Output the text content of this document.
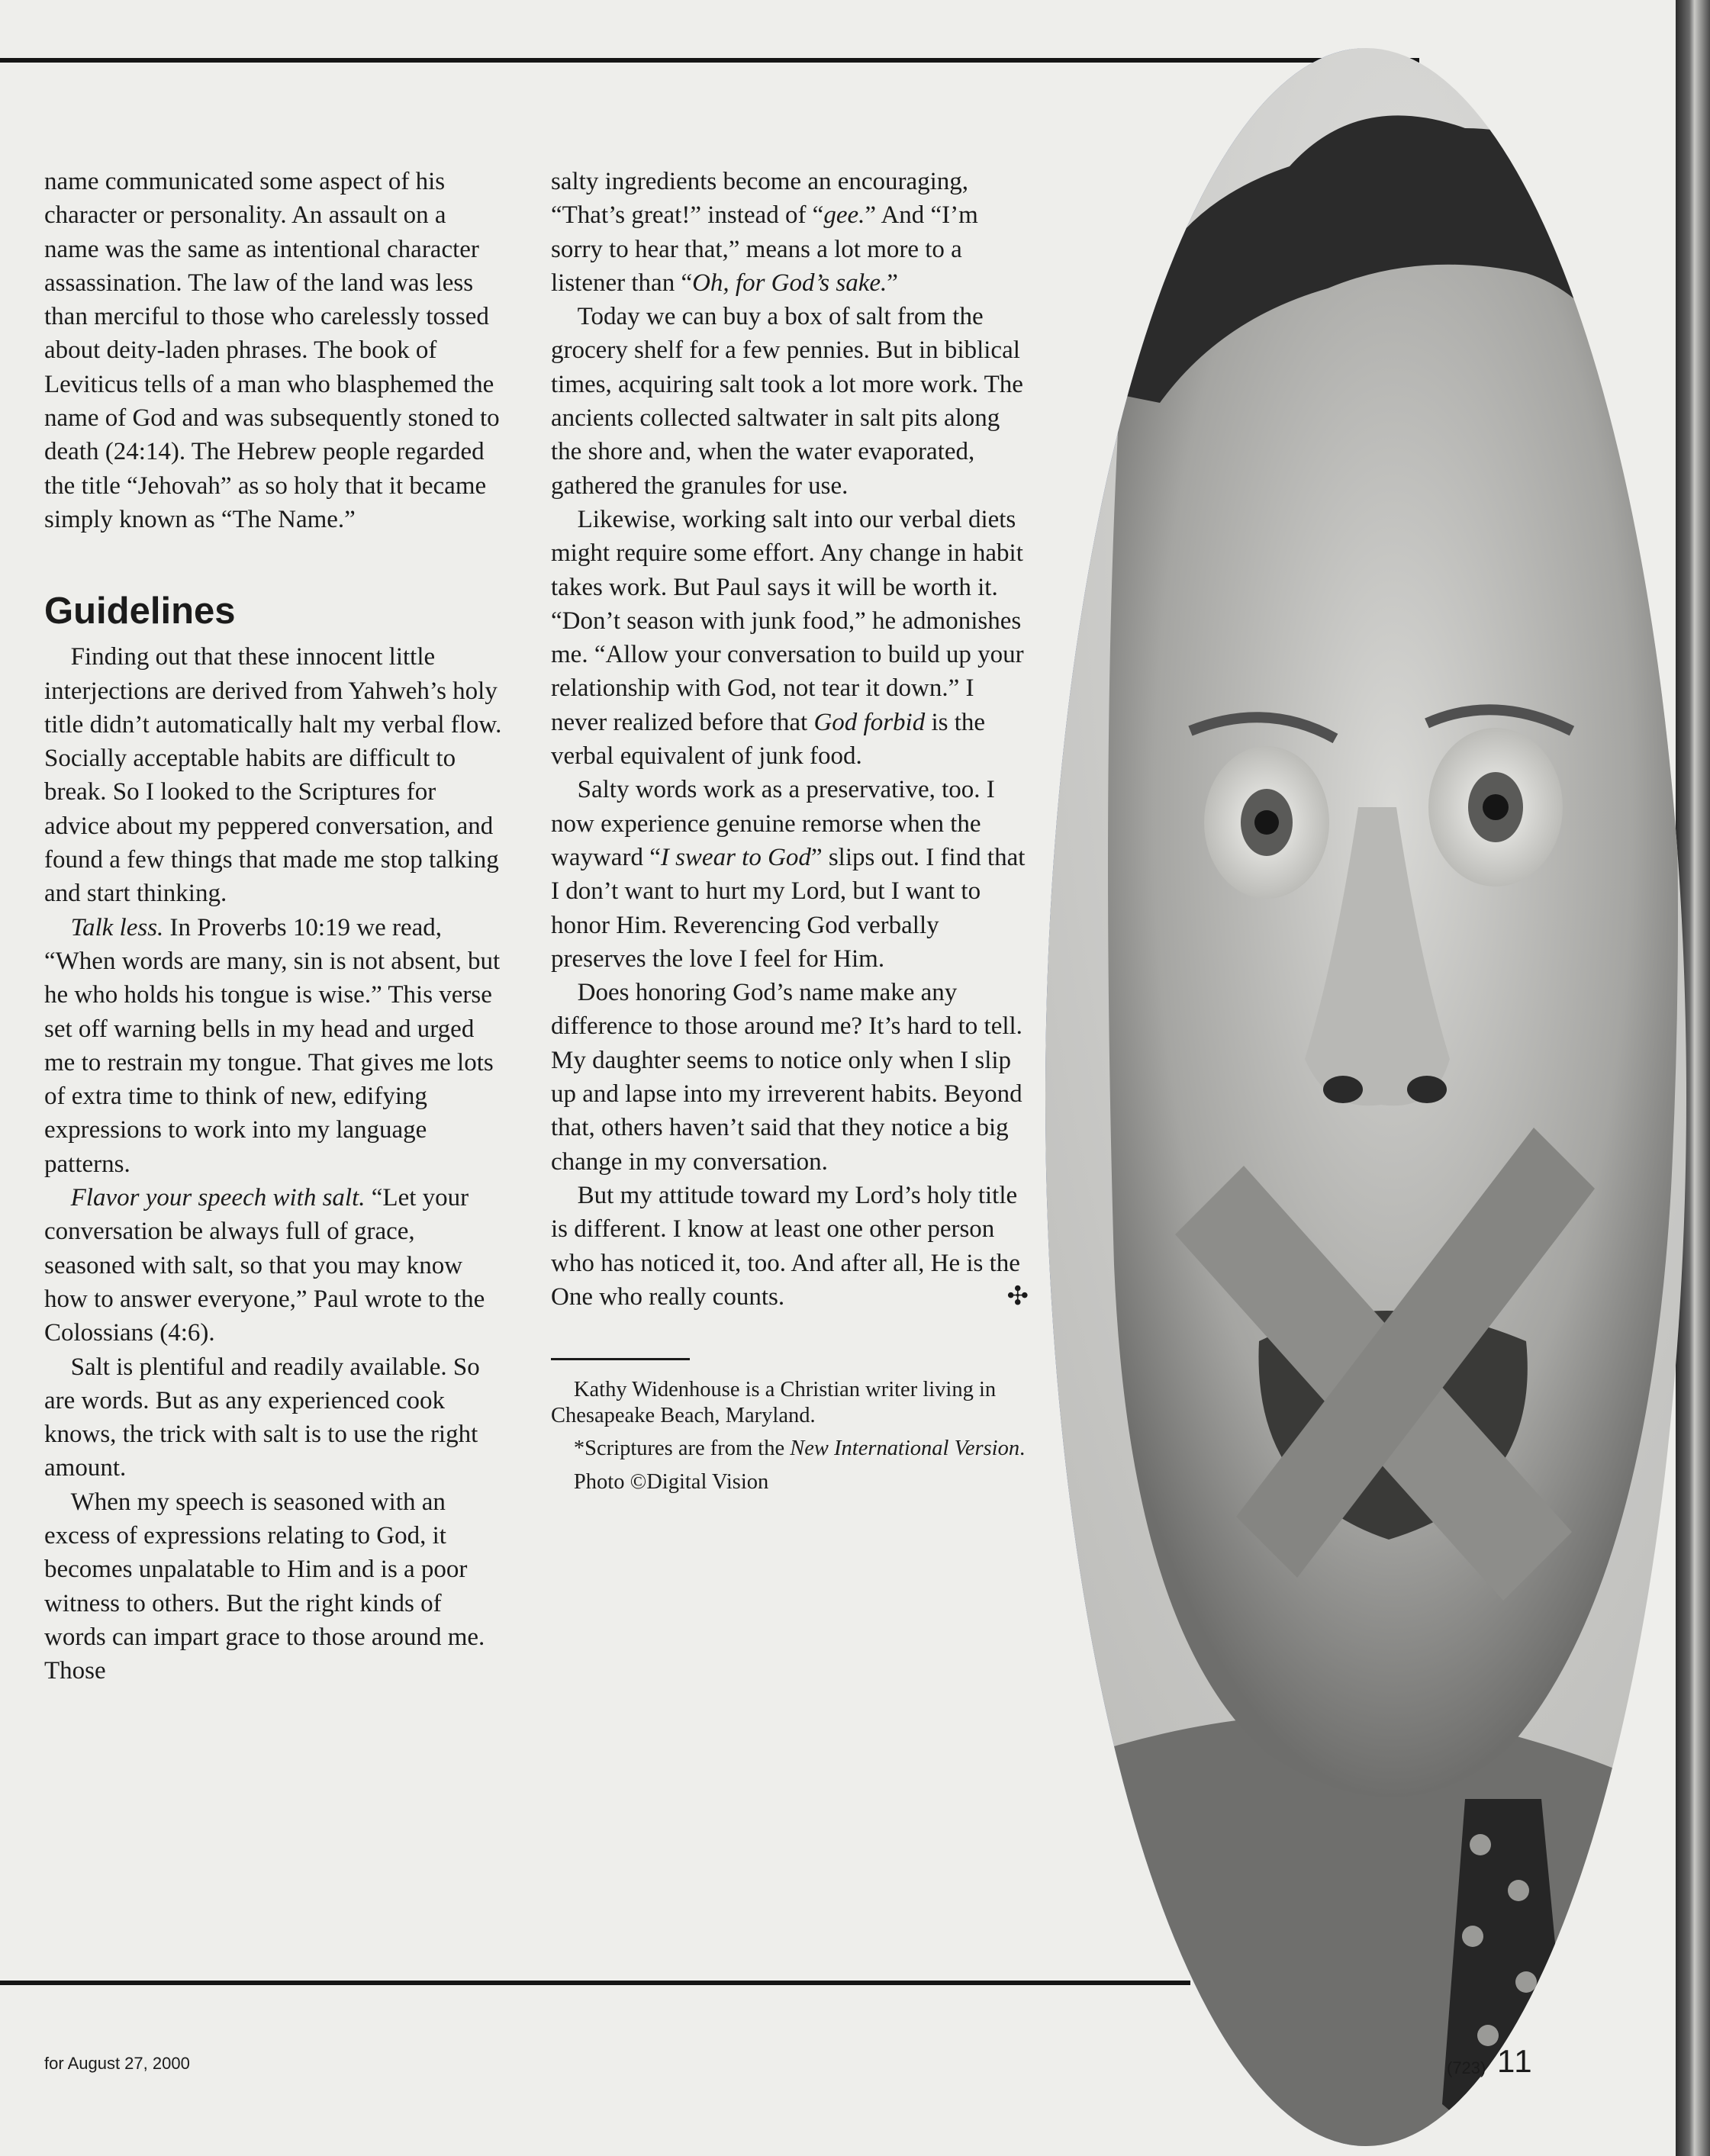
name communicated some aspect of his character or personality. An assault on a name was the same as intentional character assassination. The law of the land was less than merciful to those who carelessly tossed about deity-laden phrases. The book of Leviticus tells of a man who blasphemed the name of God and was subsequently stoned to death (24:14). The Hebrew people regarded the title “Jehovah” as so holy that it became simply known as “The Name.”

Guidelines

Finding out that these innocent little interjections are derived from Yahweh’s holy title didn’t automatically halt my verbal flow. Socially acceptable habits are difficult to break. So I looked to the Scriptures for advice about my peppered conversation, and found a few things that made me stop talking and start thinking.

Talk less. In Proverbs 10:19 we read, “When words are many, sin is not absent, but he who holds his tongue is wise.” This verse set off warning bells in my head and urged me to restrain my tongue. That gives me lots of extra time to think of new, edifying expressions to work into my language patterns.

Flavor your speech with salt. “Let your conversation be always full of grace, seasoned with salt, so that you may know how to answer everyone,” Paul wrote to the Colossians (4:6).

Salt is plentiful and readily available. So are words. But as any experienced cook knows, the trick with salt is to use the right amount.

When my speech is seasoned with an excess of expressions relating to God, it becomes unpalatable to Him and is a poor witness to others. But the right kinds of words can impart grace to those around me. Those

salty ingredients become an encouraging, “That’s great!” instead of “gee.” And “I’m sorry to hear that,” means a lot more to a listener than “Oh, for God’s sake.”

Today we can buy a box of salt from the grocery shelf for a few pennies. But in biblical times, acquiring salt took a lot more work. The ancients collected saltwater in salt pits along the shore and, when the water evaporated, gathered the granules for use.

Likewise, working salt into our verbal diets might require some effort. Any change in habit takes work. But Paul says it will be worth it. “Don’t season with junk food,” he admonishes me. “Allow your conversation to build up your relationship with God, not tear it down.” I never realized before that God forbid is the verbal equivalent of junk food.

Salty words work as a preservative, too. I now experience genuine remorse when the wayward “I swear to God” slips out. I find that I don’t want to hurt my Lord, but I want to honor Him. Reverencing God verbally preserves the love I feel for Him.

Does honoring God’s name make any difference to those around me? It’s hard to tell. My daughter seems to notice only when I slip up and lapse into my irreverent habits. Beyond that, others haven’t said that they notice a big change in my conversation.

But my attitude toward my Lord’s holy title is different. I know at least one other person who has noticed it, too. And after all, He is the One who really counts.	✣

Kathy Widenhouse is a Christian writer living in Chesapeake Beach, Maryland.

*Scriptures are from the New International Version.

Photo ©Digital Vision

for August 27, 2000	(723) 11
